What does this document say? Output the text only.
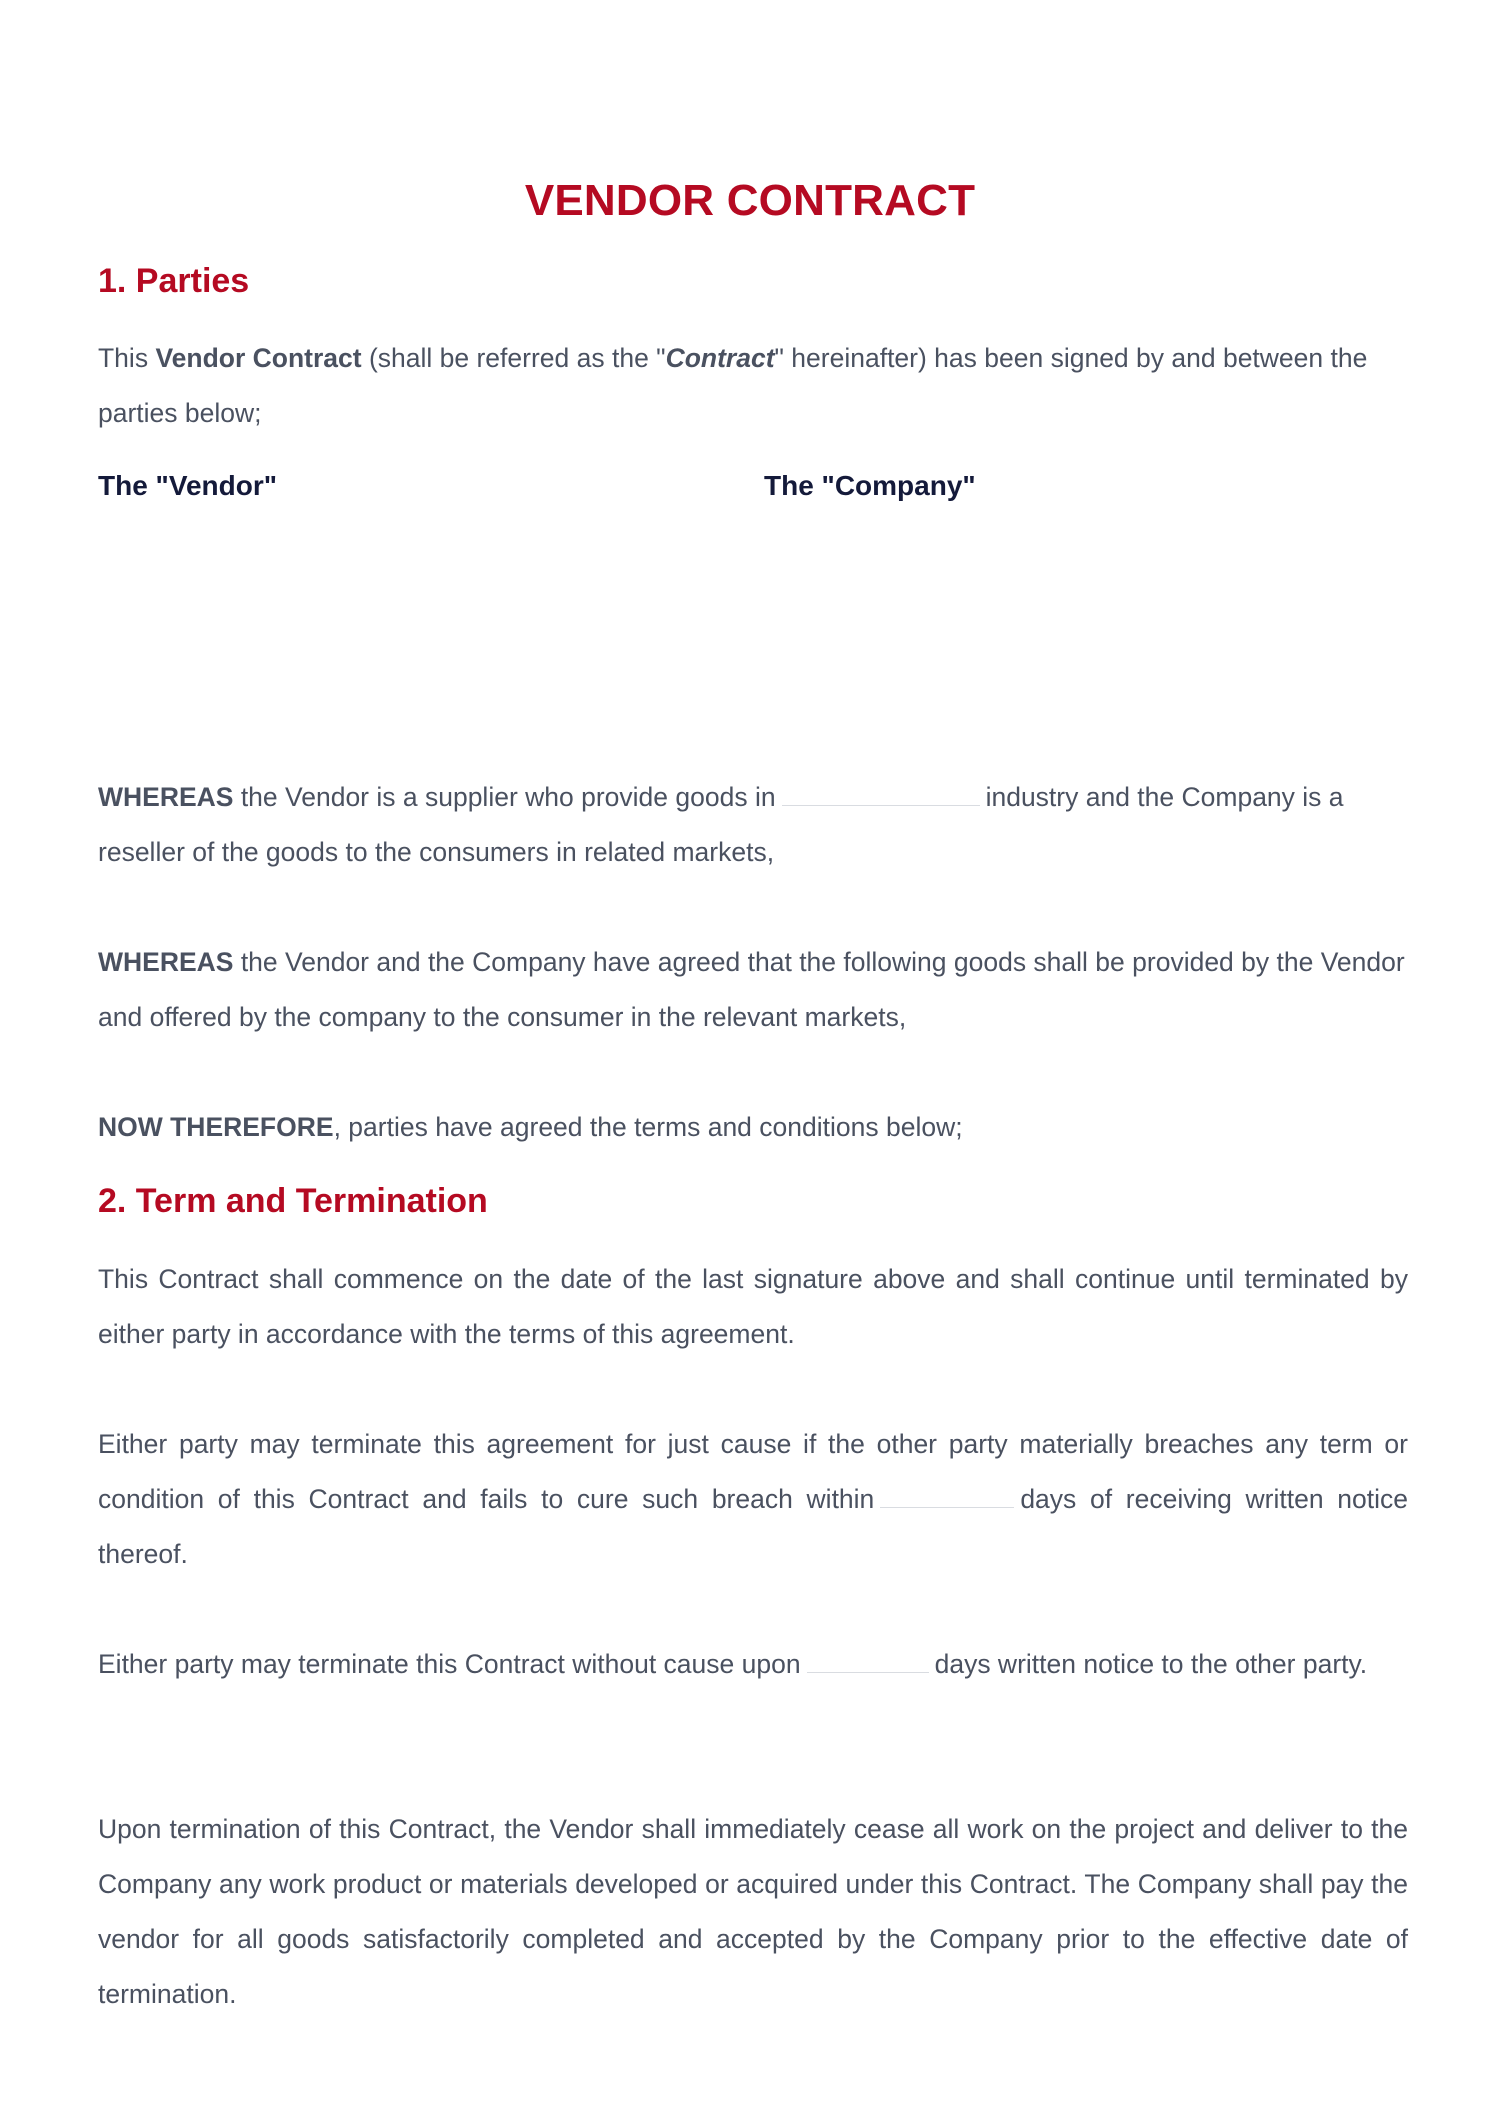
VENDOR CONTRACT
1. Parties

This Vendor Contract (shall be referred as the "Contract" hereinafter) has been signed by and between the parties below;

The "Vendor"	The "Company"

WHEREAS the Vendor is a supplier who provide goods in	industry and the Company is a reseller of the goods to the consumers in related markets,

WHEREAS the Vendor and the Company have agreed that the following goods shall be provided by the Vendor and offered by the company to the consumer in the relevant markets,

NOW THEREFORE, parties have agreed the terms and conditions below;

2. Term and Termination

This Contract shall commence on the date of the last signature above and shall continue until terminated by either party in accordance with the terms of this agreement.

Either party may terminate this agreement for just cause if the other party materially breaches any term or condition of this Contract and fails to cure such breach within	days of receiving written notice thereof.

Either party may terminate this Contract without cause upon	days written notice to the other party.

Upon termination of this Contract, the Vendor shall immediately cease all work on the project and deliver to the Company any work product or materials developed or acquired under this Contract. The Company shall pay the vendor for all goods satisfactorily completed and accepted by the Company prior to the effective date of termination.
